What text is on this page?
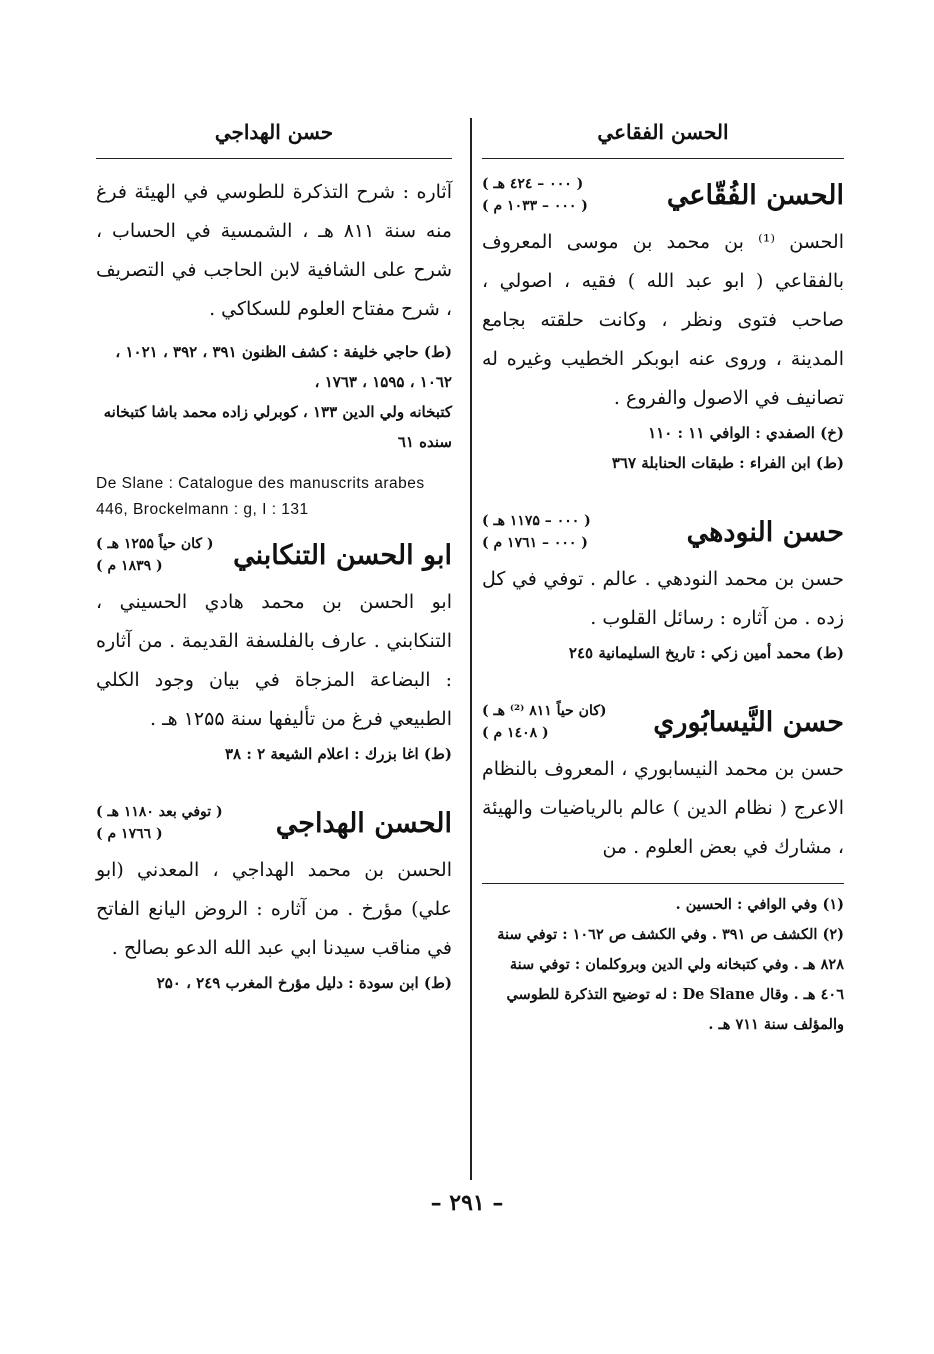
الحسن الفقاعي
الحسن الفُقّاعي
( ۰۰۰ – ٤٢٤ هـ )
( ۰۰۰ – ۱۰۳۳ م )
الحسن ⁽¹⁾ بن محمد بن موسى المعروف بالفقاعي ( ابو عبد الله ) فقيه ، اصولي ، صاحب فتوى ونظر ، وكانت حلقته بجامع المدينة ، وروى عنه ابوبكر الخطيب وغيره له تصانيف في الاصول والفروع .
(خ) الصفدي : الوافي ۱۱ : ۱۱۰
(ط) ابن الفراء : طبقات الحنابلة ٣٦٧
حسن النودهي
( ۰۰۰ – ۱۱۷۵ هـ )
( ۰۰۰ – ۱۷٦۱ م )
حسن بن محمد النودهي . عالم . توفي في كل زده . من آثاره : رسائل القلوب .
(ط) محمد أمين زكي : تاريخ السليمانية ٢٤٥
حسن النَّيسابُوري
(كان حياً ۸۱۱ ⁽²⁾ هـ )
( ۱٤۰۸ م )
حسن بن محمد النيسابوري ، المعروف بالنظام الاعرج ( نظام الدين ) عالم بالرياضيات والهيئة ، مشارك في بعض العلوم . من
(۱) وفي الوافي : الحسين .
(۲) الكشف ص ۳۹۱ . وفي الكشف ص ۱۰٦۲ : توفي سنة ۸۲۸ هـ . وفي كتبخانه ولي الدين وبروكلمان : توفي سنة ٤۰٦ هـ . وقال De Slane : له توضيح التذكرة للطوسي والمؤلف سنة ۷۱۱ هـ .
حسن الهداجي
آثاره : شرح التذكرة للطوسي في الهيئة فرغ منه سنة ۸۱۱ هـ ، الشمسية في الحساب ، شرح على الشافية لابن الحاجب في التصريف ، شرح مفتاح العلوم للسكاكي .
(ط) حاجي خليفة : كشف الظنون ۳۹۱ ، ۳۹۲ ، ۱۰۲۱ ، ۱۰٦۲ ، ۱۵۹۵ ، ۱۷٦۳ ،
كتبخانه ولي الدين ۱۳۳ ، كوبرلي زاده محمد باشا كتبخانه سنده ٦۱
De Slane : Catalogue des manuscrits arabes 446, Brockelmann : g, I : 131
ابو الحسن التنكابني
( كان حياً ۱۲۵۵ هـ )
( ۱۸۳۹ م )
ابو الحسن بن محمد هادي الحسيني ، التنكابني . عارف بالفلسفة القديمة . من آثاره : البضاعة المزجاة في بيان وجود الكلي الطبيعي فرغ من تأليفها سنة ۱۲۵۵ هـ .
(ط) اغا بزرك : اعلام الشيعة ۲ : ۳۸
الحسن الهداجي
( توفي بعد ۱۱۸۰ هـ )
( ۱۷٦٦ م )
الحسن بن محمد الهداجي ، المعدني (ابو علي) مؤرخ . من آثاره : الروض اليانع الفاتح في مناقب سيدنا ابي عبد الله الدعو بصالح .
(ط) ابن سودة : دليل مؤرخ المغرب ۲٤۹ ، ۲۵۰
– ۲۹۱ –
